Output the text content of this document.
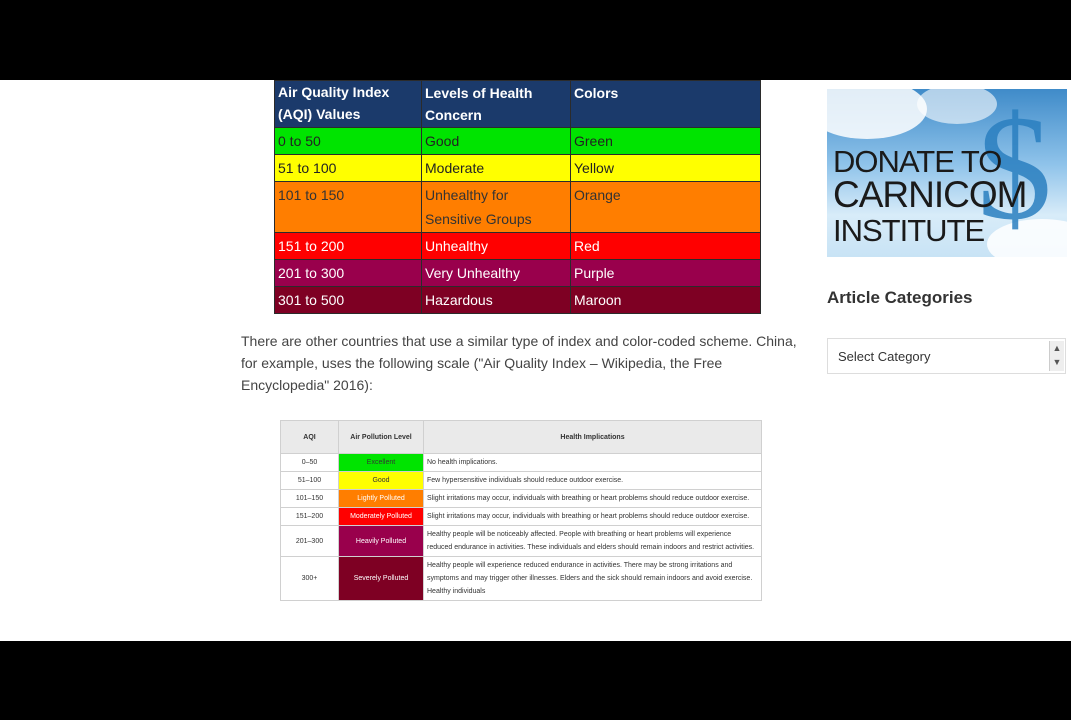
Air Quality Index (AQI) Values	Levels of Health Concern	Colors
0 to 50	Good	Green
51 to 100	Moderate	Yellow
101 to 150	Unhealthy for Sensitive Groups	Orange
151 to 200	Unhealthy	Red
201 to 300	Very Unhealthy	Purple
301 to 500	Hazardous	Maroon
There are other countries that use a similar type of index and color-coded scheme. China, for example, uses the following scale ("Air Quality Index – Wikipedia, the Free Encyclopedia" 2016):
AQI	Air Pollution Level	Health Implications
0–50	Excellent	No health implications.
51–100	Good	Few hypersensitive individuals should reduce outdoor exercise.
101–150	Lightly Polluted	Slight irritations may occur, individuals with breathing or heart problems should reduce outdoor exercise.
151–200	Moderately Polluted	Slight irritations may occur, individuals with breathing or heart problems should reduce outdoor exercise.
201–300	Heavily Polluted	Healthy people will be noticeably affected. People with breathing or heart problems will experience reduced endurance in activities. These individuals and elders should remain indoors and restrict activities.
300+	Severely Polluted	Healthy people will experience reduced endurance in activities. There may be strong irritations and symptoms and may trigger other illnesses. Elders and the sick should remain indoors and avoid exercise. Healthy individuals
$
DONATE TO
CARNICOM
INSTITUTE
Article Categories
Select Category
▲
▼
